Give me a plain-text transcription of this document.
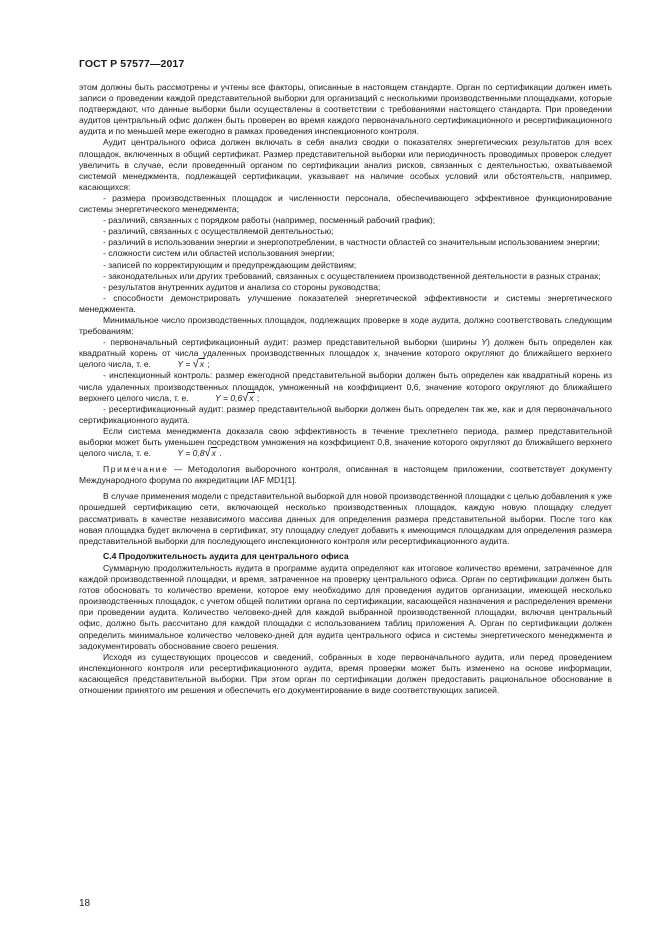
ГОСТ Р 57577—2017

этом должны быть рассмотрены и учтены все факторы, описанные в настоящем стандарте. Орган по сертификации должен иметь записи о проведении каждой представительной выборки для организаций с несколькими производственными площадками, которые подтверждают, что данные выборки были осуществлены в соответствии с требованиями настоящего стандарта. При проведении аудитов центральный офис должен быть проверен во время каждого первоначального сертификационного и ресертификационного аудита и по меньшей мере ежегодно в рамках проведения инспекционного контроля.

Аудит центрального офиса должен включать в себя анализ сводки о показателях энергетических результатов для всех площадок, включенных в общий сертификат. Размер представительной выборки или периодичность проводимых проверок следует увеличить в случае, если проведенный органом по сертификации анализ рисков, связанных с деятельностью, охватываемой системой менеджмента, подлежащей сертификации, указывает на наличие особых условий или обстоятельств, например, касающихся:

- размера производственных площадок и численности персонала, обеспечивающего эффективное функционирование системы энергетического менеджмента;

- различий, связанных с порядком работы (например, посменный рабочий график);

- различий, связанных с осуществляемой деятельностью;

- различий в использовании энергии и энергопотреблении, в частности областей со значительным использованием энергии;

- сложности систем или областей использования энергии;

- записей по корректирующим и предупреждающим действиям;

- законодательных или других требований, связанных с осуществлением производственной деятельности в разных странах;

- результатов внутренних аудитов и анализа со стороны руководства;

- способности демонстрировать улучшение показателей энергетической эффективности и системы энергетического менеджмента.

Минимальное число производственных площадок, подлежащих проверке в ходе аудита, должно соответствовать следующим требованиям:

- первоначальный сертификационный аудит: размер представительной выборки (ширины Y) должен быть определен как квадратный корень от числа удаленных производственных площадок x, значение которого округляют до ближайшего верхнего целого числа, т. е.	Y = √x ;

- инспекционный контроль: размер ежегодной представительной выборки должен быть определен как квадратный корень из числа удаленных производственных площадок, умноженный на коэффициент 0,6, значение которого округляют до ближайшего верхнего целого числа, т. е.	Y = 0,6√x ;

- ресертификационный аудит: размер представительной выборки должен быть определен так же, как и для первоначального сертификационного аудита.

Если система менеджмента доказала свою эффективность в течение трехлетнего периода, размер представительной выборки может быть уменьшен посредством умножения на коэффициент 0,8, значение которого округляют до ближайшего верхнего целого числа, т. е.	Y = 0,8√x .

Примечание — Методология выборочного контроля, описанная в настоящем приложении, соответствует документу Международного форума по аккредитации IAF MD1[1].

В случае применения модели с представительной выборкой для новой производственной площадки с целью добавления к уже прошедшей сертификацию сети, включающей несколько производственных площадок, каждую новую площадку следует рассматривать в качестве независимого массива данных для определения размера представительной выборки. После того как новая площадка будет включена в сертификат, эту площадку следует добавить к имеющимся площадкам для определения размера представительной выборки для последующего инспекционного контроля или ресертификационного аудита.

С.4 Продолжительность аудита для центрального офиса

Суммарную продолжительность аудита в программе аудита определяют как итоговое количество времени, затраченное для каждой производственной площадки, и время, затраченное на проверку центрального офиса. Орган по сертификации должен быть готов обосновать то количество времени, которое ему необходимо для проведения аудитов организации, имеющей несколько производственных площадок, с учетом общей политики органа по сертификации, касающейся назначения и распределения времени при проведении аудита. Количество человеко-дней для каждой выбранной производственной площадки, включая центральный офис, должно быть рассчитано для каждой площадки с использованием таблиц приложения А. Орган по сертификации должен определить минимальное количество человеко-дней для аудита центрального офиса и системы энергетического менеджмента и задокументировать обоснование своего решения.

Исходя из существующих процессов и сведений, собранных в ходе первоначального аудита, или перед проведением инспекционного контроля или ресертификационного аудита, время проверки может быть изменено на основе информации, касающейся представительной выборки. При этом орган по сертификации должен предоставить рациональное обоснование в отношении принятого им решения и обеспечить его документирование в виде соответствующих записей.

18
